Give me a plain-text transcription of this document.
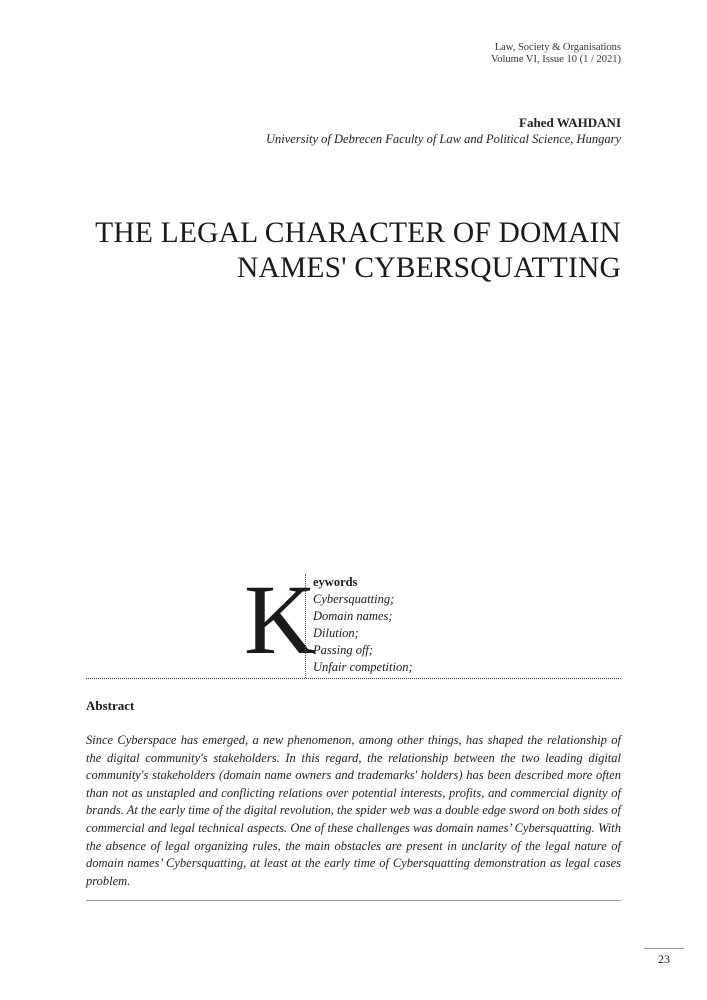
Law, Society & Organisations
Volume VI, Issue 10 (1 / 2021)
Fahed WAHDANI
University of Debrecen Faculty of Law and Political Science, Hungary
THE LEGAL CHARACTER OF DOMAIN
NAMES' CYBERSQUATTING
K
eywords
Cybersquatting;
Domain names;
Dilution;
Passing off;
Unfair competition;
Abstract
Since Cyberspace has emerged, a new phenomenon, among other things, has shaped the relationship of the digital community's stakeholders. In this regard, the relationship between the two leading digital community's stakeholders (domain name owners and trademarks' holders) has been described more often than not as unstapled and conflicting relations over potential interests, profits, and commercial dignity of brands. At the early time of the digital revolution, the spider web was a double edge sword on both sides of commercial and legal technical aspects. One of these challenges was domain names’ Cybersquatting. With the absence of legal organizing rules, the main obstacles are present in unclarity of the legal nature of domain names’ Cybersquatting, at least at the early time of Cybersquatting demonstration as legal cases problem.
23
